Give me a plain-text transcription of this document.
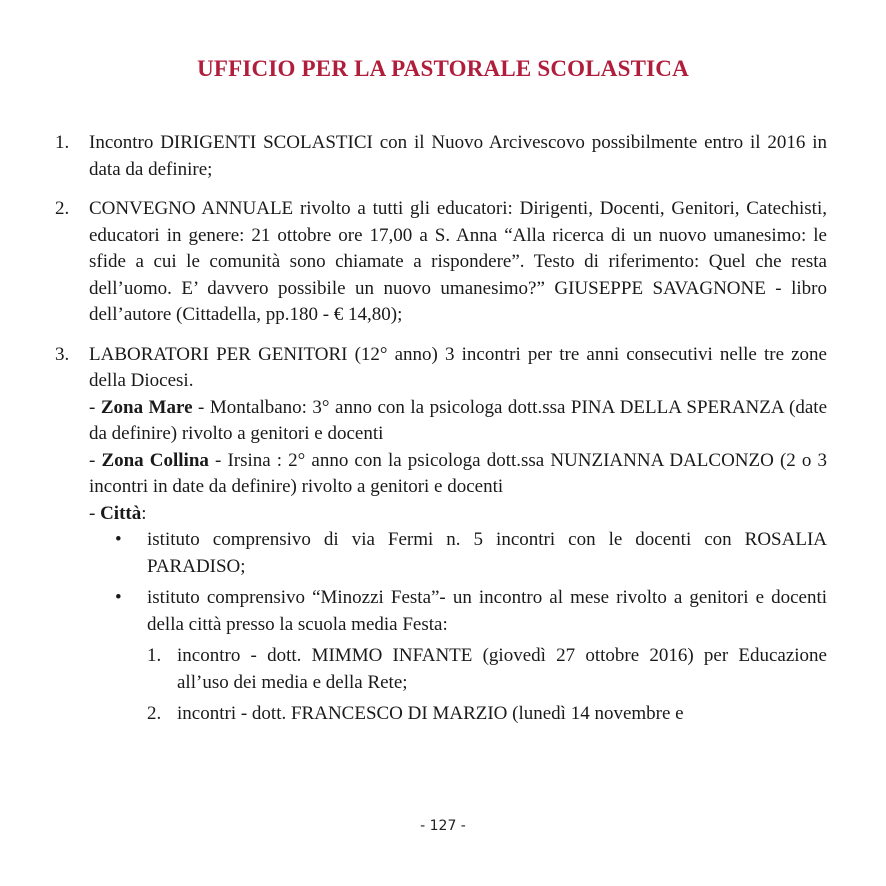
UFFICIO PER LA PASTORALE SCOLASTICA
1. Incontro DIRIGENTI SCOLASTICI con il Nuovo Arcivescovo possibilmente entro il 2016 in data da definire;
2. CONVEGNO ANNUALE rivolto a tutti gli educatori: Dirigenti, Docenti, Genitori, Catechisti, educatori in genere: 21 ottobre ore 17,00 a S. Anna “Alla ricerca di un nuovo umanesimo: le sfide a cui le comunità sono chiamate a rispondere”. Testo di riferimento: Quel che resta dell’uomo. E’ davvero possibile un nuovo umanesimo?” GIUSEPPE SAVAGNONE - libro dell’autore (Cittadella, pp.180 - € 14,80);
3. LABORATORI PER GENITORI (12° anno) 3 incontri per tre anni consecutivi nelle tre zone della Diocesi.
- Zona Mare - Montalbano: 3° anno con la psicologa dott.ssa PINA DELLA SPERANZA (date da definire) rivolto a genitori e docenti
- Zona Collina - Irsina : 2° anno con la psicologa dott.ssa NUNZIANNA DALCONZO (2 o 3 incontri in date da definire) rivolto a genitori e docenti
- Città:
• istituto comprensivo di via Fermi n. 5 incontri con le docenti con ROSALIA PARADISO;
• istituto comprensivo “Minozzi Festa”- un incontro al mese rivolto a genitori e docenti della città presso la scuola media Festa:
1. incontro - dott. MIMMO INFANTE (giovedì 27 ottobre 2016) per Educazione all’uso dei media e della Rete;
2. incontri - dott. FRANCESCO DI MARZIO (lunedì 14 novembre e
- 127 -
